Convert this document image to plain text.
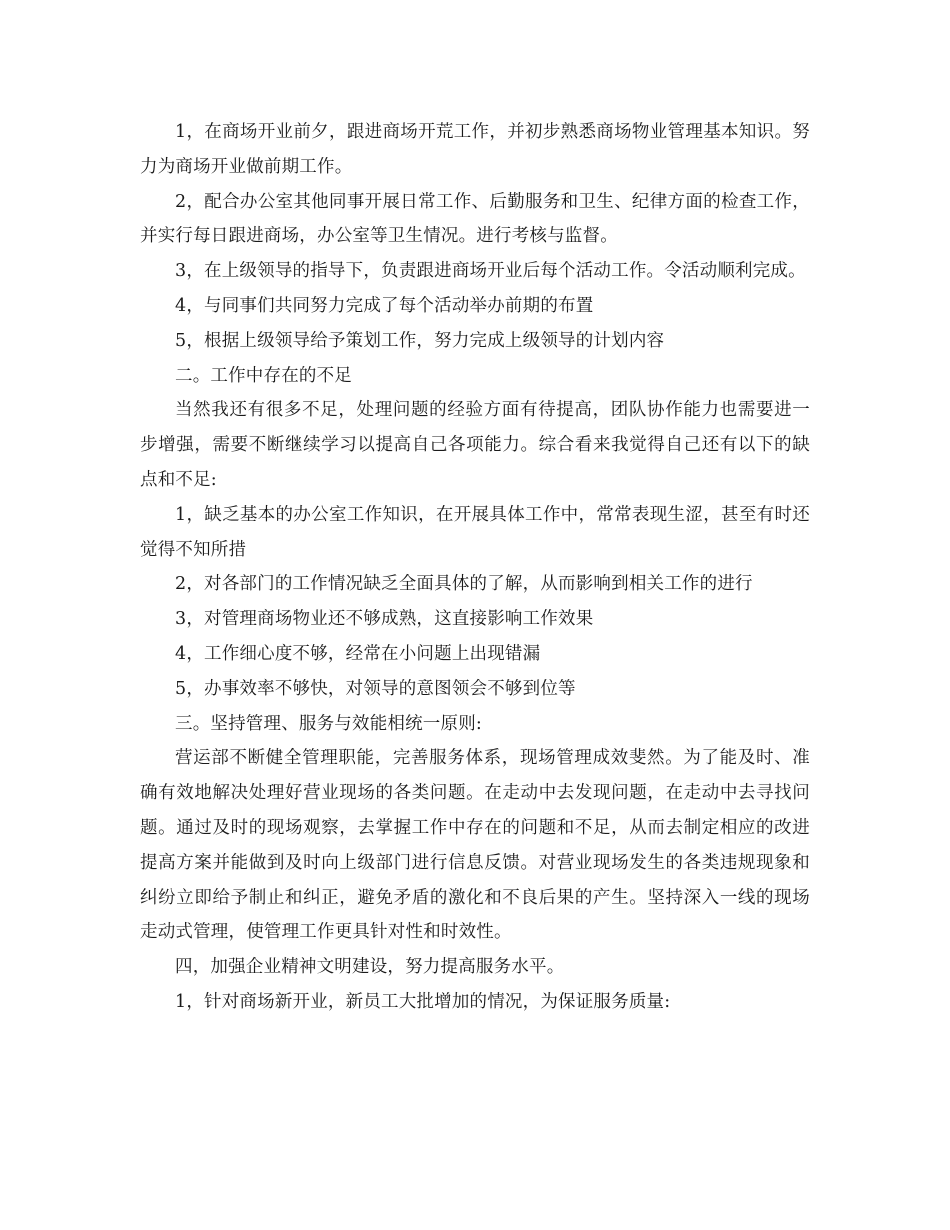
1，在商场开业前夕，跟进商场开荒工作，并初步熟悉商场物业管理基本知识。努力为商场开业做前期工作。

2，配合办公室其他同事开展日常工作、后勤服务和卫生、纪律方面的检查工作，并实行每日跟进商场，办公室等卫生情况。进行考核与监督。

3，在上级领导的指导下，负责跟进商场开业后每个活动工作。令活动顺利完成。

4，与同事们共同努力完成了每个活动举办前期的布置

5，根据上级领导给予策划工作，努力完成上级领导的计划内容

二。工作中存在的不足

当然我还有很多不足，处理问题的经验方面有待提高，团队协作能力也需要进一步增强，需要不断继续学习以提高自己各项能力。综合看来我觉得自己还有以下的缺点和不足:

1，缺乏基本的办公室工作知识，在开展具体工作中，常常表现生涩，甚至有时还觉得不知所措

2，对各部门的工作情况缺乏全面具体的了解，从而影响到相关工作的进行

3，对管理商场物业还不够成熟，这直接影响工作效果

4，工作细心度不够，经常在小问题上出现错漏

5，办事效率不够快，对领导的意图领会不够到位等

三。坚持管理、服务与效能相统一原则:

营运部不断健全管理职能，完善服务体系，现场管理成效斐然。为了能及时、准确有效地解决处理好营业现场的各类问题。在走动中去发现问题，在走动中去寻找问题。通过及时的现场观察，去掌握工作中存在的问题和不足，从而去制定相应的改进提高方案并能做到及时向上级部门进行信息反馈。对营业现场发生的各类违规现象和纠纷立即给予制止和纠正，避免矛盾的激化和不良后果的产生。坚持深入一线的现场走动式管理，使管理工作更具针对性和时效性。

四，加强企业精神文明建设，努力提高服务水平。

1，针对商场新开业，新员工大批增加的情况，为保证服务质量:
